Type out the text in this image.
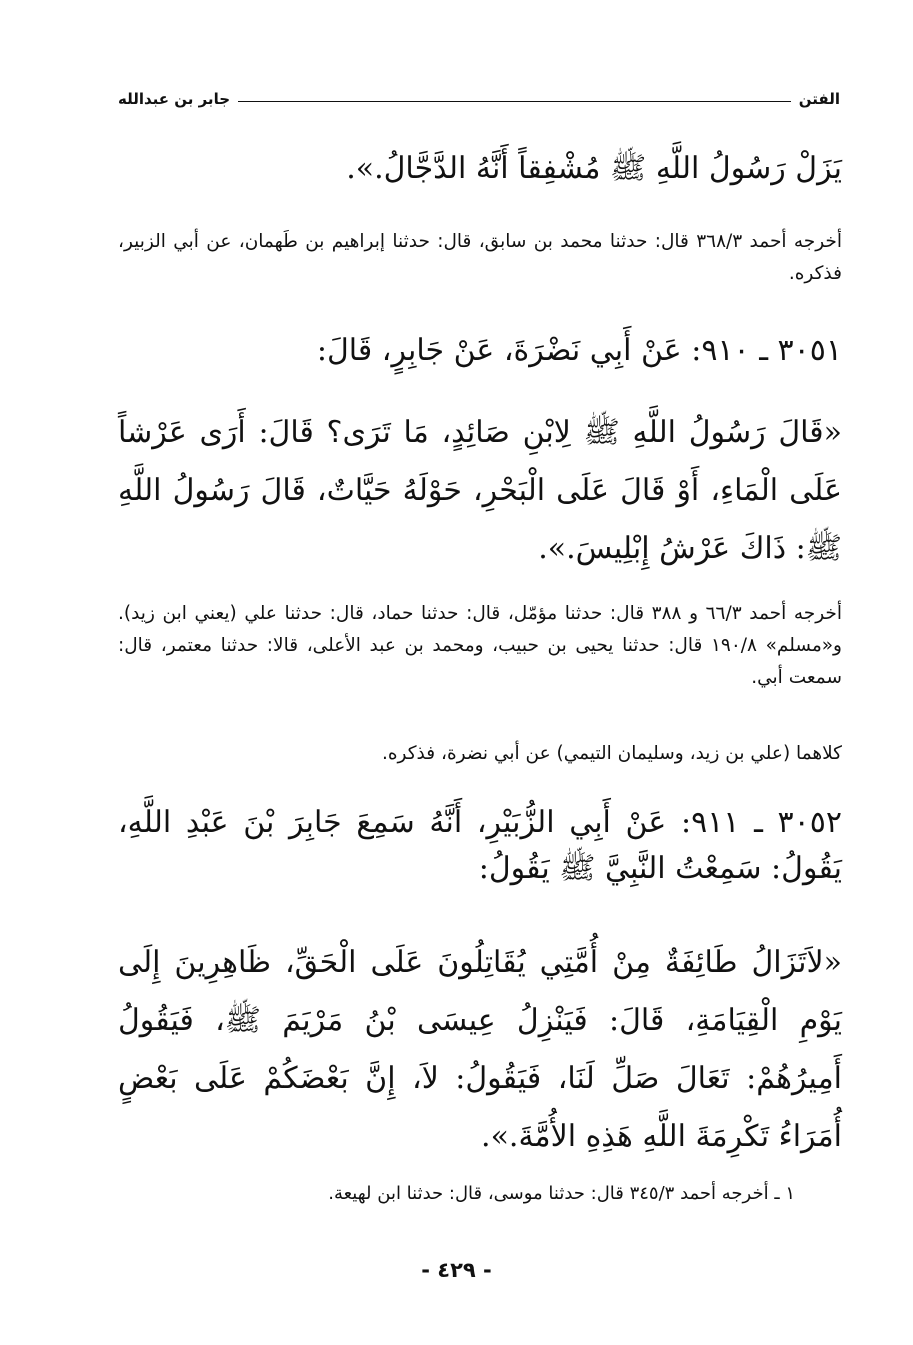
الفتن
جابر بن عبدالله

يَزَلْ رَسُولُ اللَّهِ ﷺ مُشْفِقاً أَنَّهُ الدَّجَّالُ.».

أخرجه أحمد ٣٦٨/٣ قال: حدثنا محمد بن سابق، قال: حدثنا إبراهيم بن طَهمان، عن أبي الزبير، فذكره.

٣٠٥١ ـ ٩١٠: عَنْ أَبِي نَضْرَةَ، عَنْ جَابِرٍ، قَالَ:

«قَالَ رَسُولُ اللَّهِ ﷺ لِابْنِ صَائِدٍ، مَا تَرَى؟ قَالَ: أَرَى عَرْشاً عَلَى الْمَاءِ، أَوْ قَالَ عَلَى الْبَحْرِ، حَوْلَهُ حَيَّاتٌ، قَالَ رَسُولُ اللَّهِ ﷺ: ذَاكَ عَرْشُ إِبْلِيسَ.».

أخرجه أحمد ٦٦/٣ و ٣٨٨ قال: حدثنا مؤمّل، قال: حدثنا حماد، قال: حدثنا علي (يعني ابن زيد). و«مسلم» ١٩٠/٨ قال: حدثنا يحيى بن حبيب، ومحمد بن عبد الأعلى، قالا: حدثنا معتمر، قال: سمعت أبي.

كلاهما (علي بن زيد، وسليمان التيمي) عن أبي نضرة، فذكره.

٣٠٥٢ ـ ٩١١: عَنْ أَبِي الزُّبَيْرِ، أَنَّهُ سَمِعَ جَابِرَ بْنَ عَبْدِ اللَّهِ، يَقُولُ: سَمِعْتُ النَّبِيَّ ﷺ يَقُولُ:

«لاَتَزَالُ طَائِفَةٌ مِنْ أُمَّتِي يُقَاتِلُونَ عَلَى الْحَقِّ، ظَاهِرِينَ إِلَى يَوْمِ الْقِيَامَةِ، قَالَ: فَيَنْزِلُ عِيسَى بْنُ مَرْيَمَ ﷺ، فَيَقُولُ أَمِيرُهُمْ: تَعَالَ صَلِّ لَنَا، فَيَقُولُ: لاَ، إِنَّ بَعْضَكُمْ عَلَى بَعْضٍ أُمَرَاءُ تَكْرِمَةَ اللَّهِ هَذِهِ الأُمَّةَ.».

١ ـ أخرجه أحمد ٣٤٥/٣ قال: حدثنا موسى، قال: حدثنا ابن لهيعة.
- ٤٢٩ -
